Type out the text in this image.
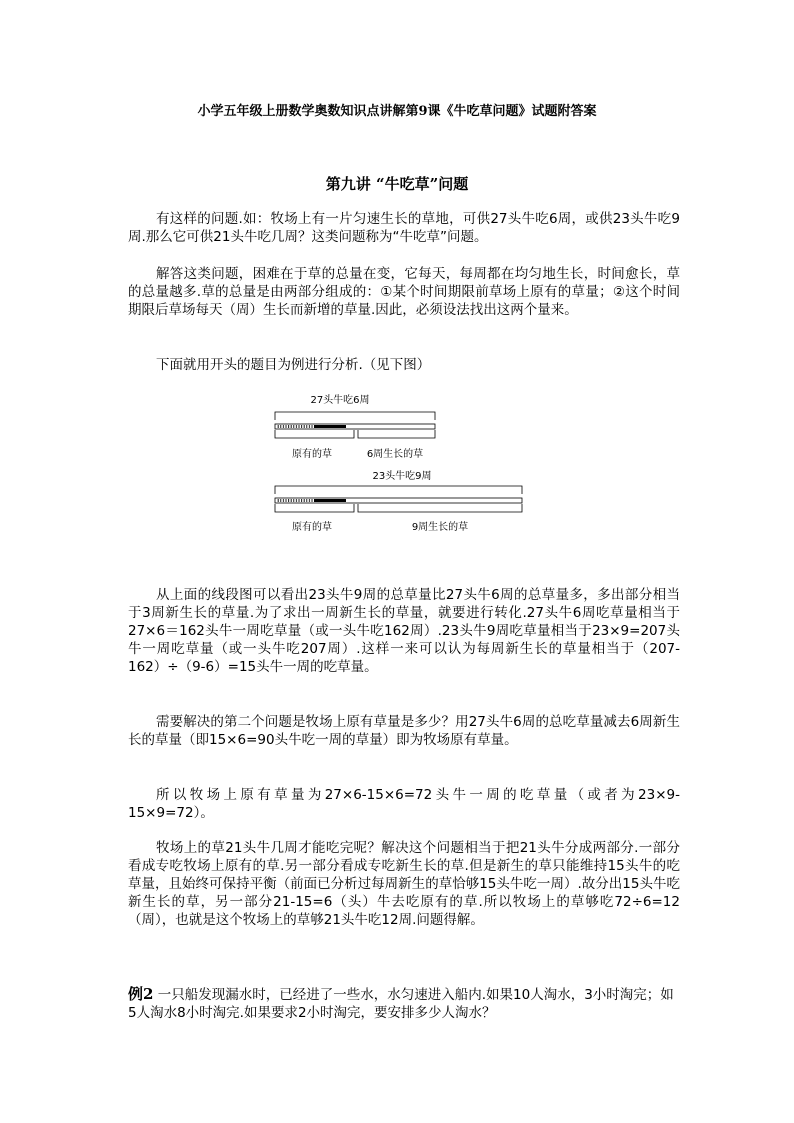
小学五年级上册数学奥数知识点讲解第9课《牛吃草问题》试题附答案
第九讲 “牛吃草”问题

有这样的问题.如：牧场上有一片匀速生长的草地，可供27头牛吃6周，或供23头牛吃9周.那么它可供21头牛吃几周？这类问题称为“牛吃草”问题。

解答这类问题，困难在于草的总量在变，它每天，每周都在均匀地生长，时间愈长，草的总量越多.草的总量是由两部分组成的：①某个时间期限前草场上原有的草量；②这个时间期限后草场每天（周）生长而新增的草量.因此，必须设法找出这两个量来。

下面就用开头的题目为例进行分析.（见下图）

27头牛吃6周
原有的草	6周生长的草
23头牛吃9周
原有的草	9周生长的草

从上面的线段图可以看出23头牛9周的总草量比27头牛6周的总草量多，多出部分相当于3周新生长的草量.为了求出一周新生长的草量，就要进行转化.27头牛6周吃草量相当于27×6＝162头牛一周吃草量（或一头牛吃162周）.23头牛9周吃草量相当于23×9=207头牛一周吃草量（或一头牛吃207周）.这样一来可以认为每周新生长的草量相当于（207-162）÷（9-6）=15头牛一周的吃草量。

需要解决的第二个问题是牧场上原有草量是多少？用27头牛6周的总吃草量减去6周新生长的草量（即15×6=90头牛吃一周的草量）即为牧场原有草量。

所以牧场上原有草量为27×6-15×6=72头牛一周的吃草量（或者为23×9-15×9=72）。

牧场上的草21头牛几周才能吃完呢？解决这个问题相当于把21头牛分成两部分.一部分看成专吃牧场上原有的草.另一部分看成专吃新生长的草.但是新生的草只能维持15头牛的吃草量，且始终可保持平衡（前面已分析过每周新生的草恰够15头牛吃一周）.故分出15头牛吃新生长的草，另一部分21-15=6（头）牛去吃原有的草.所以牧场上的草够吃72÷6=12（周），也就是这个牧场上的草够21头牛吃12周.问题得解。

例2 一只船发现漏水时，已经进了一些水，水匀速进入船内.如果10人淘水，3小时淘完；如5人淘水8小时淘完.如果要求2小时淘完，要安排多少人淘水？
